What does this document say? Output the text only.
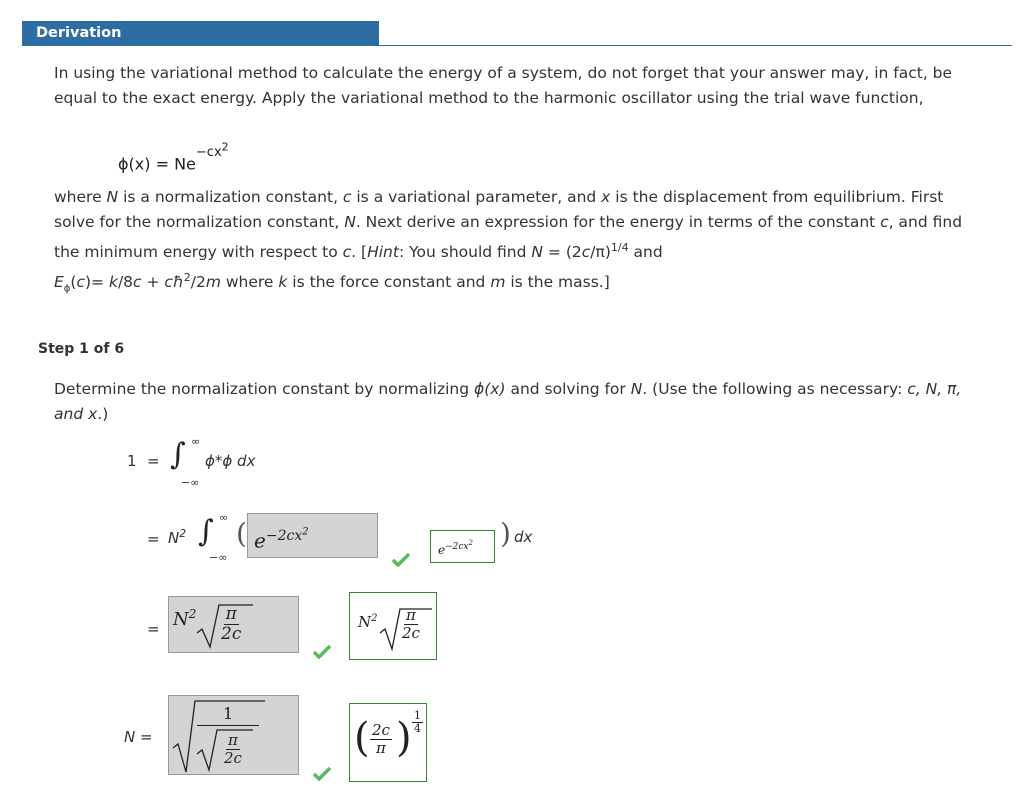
Derivation
In using the variational method to calculate the energy of a system, do not forget that your answer may, in fact, be equal to the exact energy. Apply the variational method to the harmonic oscillator using the trial wave function,
$\phi(x) = Ne^{-cx^2}$
where N is a normalization constant, c is a variational parameter, and x is the displacement from equilibrium. First solve for the normalization constant, N. Next derive an expression for the energy in terms of the constant c, and find the minimum energy with respect to c. [Hint: You should find $N = (2c/\pi)^{1/4}$ and
$E_\phi(c)= k/8c$ + $cħ^2/2m$ where k is the force constant and m is the mass.]
Step 1 of 6
Determine the normalization constant by normalizing ϕ(x) and solving for N. (Use the following as necessary: c, N, π, and x.)
1 = ∫ ∞
−∞
ϕ*ϕ dx
= $N^2$ ∫ ∞
−∞
( $e^{-2cx^2}$
$e^{-2cx^2}$ ) dx
= $N^2 \frac{\pi}{2c}$	$N^2 \frac{\pi}{2c}$
N =
1
$\frac{\pi}{2c}$	( $\frac{2c}{\pi}$ ) $\frac{1}{4}$
